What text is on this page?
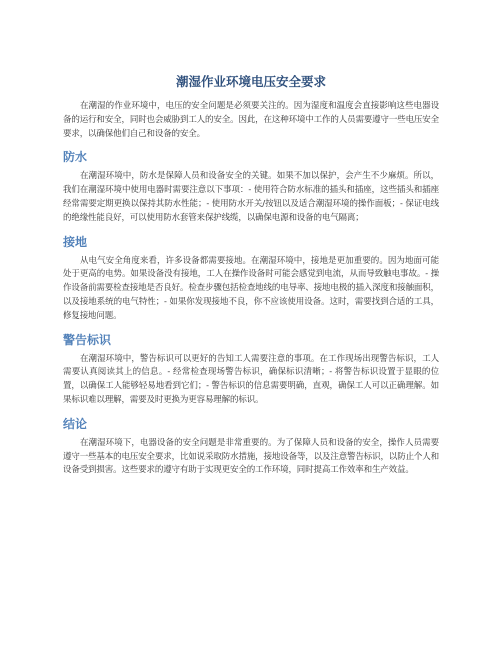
潮湿作业环境电压安全要求

在潮湿的作业环境中，电压的安全问题是必须要关注的。因为湿度和温度会直接影响这些电器设备的运行和安全，同时也会威胁到工人的安全。因此，在这种环境中工作的人员需要遵守一些电压安全要求，以确保他们自己和设备的安全。

防水

在潮湿环境中，防水是保障人员和设备安全的关键。如果不加以保护，会产生不少麻烦。所以，我们在潮湿环境中使用电器时需要注意以下事项：- 使用符合防水标准的插头和插座，这些插头和插座经常需要定期更换以保持其防水性能；- 使用防水开关/按钮以及适合潮湿环境的操作面板；- 保证电线的绝缘性能良好，可以使用防水套管来保护线缆，以确保电源和设备的电气隔离；

接地

从电气安全角度来看，许多设备都需要接地。在潮湿环境中，接地是更加重要的。因为地面可能处于更高的电势。如果设备没有接地，工人在操作设备时可能会感觉到电流，从而导致触电事故。- 操作设备前需要检查接地是否良好。检查步骤包括检查地线的电导率、接地电极的插入深度和接触面积，以及接地系统的电气特性；- 如果你发现接地不良，你不应该使用设备。这时，需要找到合适的工具，修复接地问题。

警告标识

在潮湿环境中，警告标识可以更好的告知工人需要注意的事项。在工作现场出现警告标识，工人需要认真阅读其上的信息。- 经常检查现场警告标识，确保标识清晰；- 将警告标识设置于显眼的位置，以确保工人能够轻易地看到它们；- 警告标识的信息需要明确，直观，确保工人可以正确理解。如果标识难以理解，需要及时更换为更容易理解的标识。

结论

在潮湿环境下，电器设备的安全问题是非常重要的。为了保障人员和设备的安全，操作人员需要遵守一些基本的电压安全要求，比如说采取防水措施，接地设备等，以及注意警告标识，以防止个人和设备受到损害。这些要求的遵守有助于实现更安全的工作环境，同时提高工作效率和生产效益。
